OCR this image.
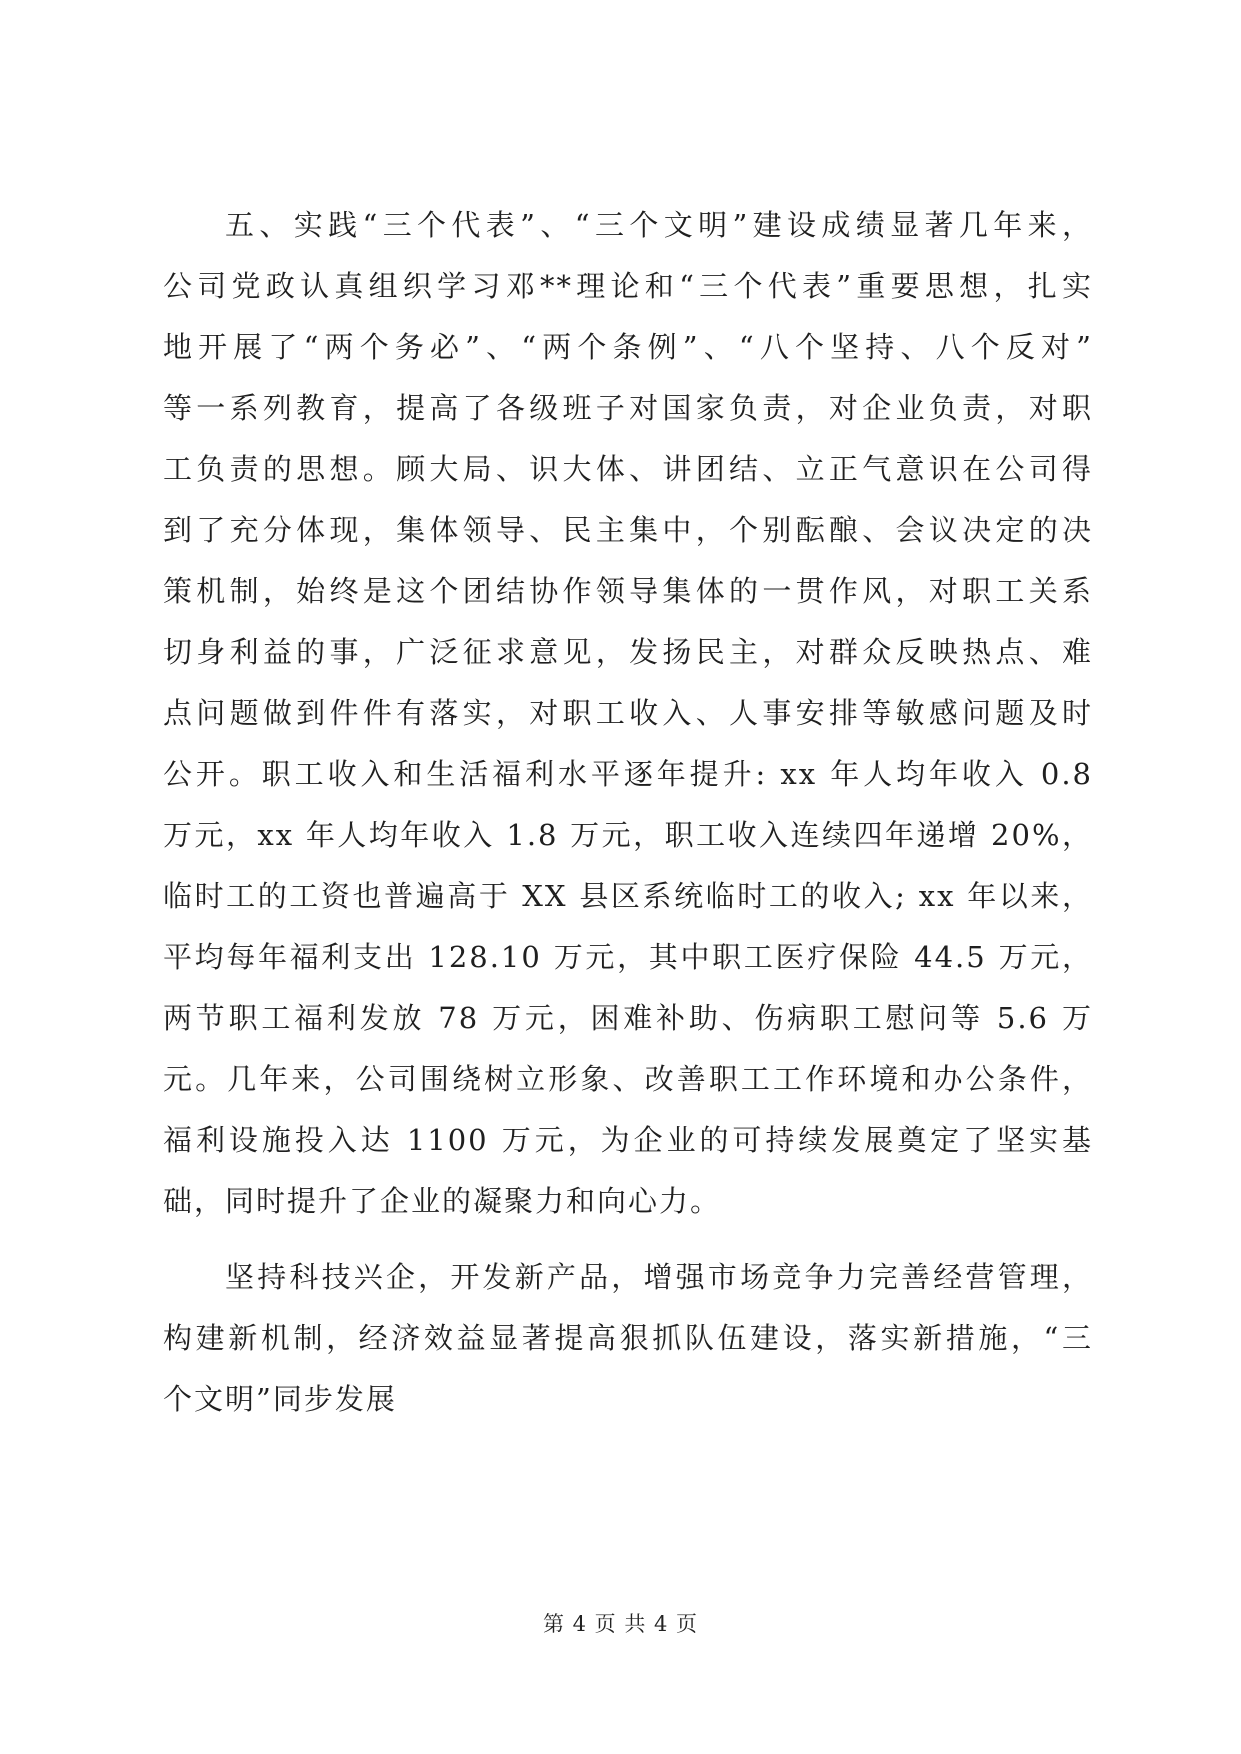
五、实践“三个代表”、“三个文明”建设成绩显著几年来，
公司党政认真组织学习邓**理论和“三个代表”重要思想，扎实
地开展了“两个务必”、“两个条例”、“八个坚持、八个反对”
等一系列教育，提高了各级班子对国家负责，对企业负责，对职
工负责的思想。顾大局、识大体、讲团结、立正气意识在公司得
到了充分体现，集体领导、民主集中，个别酝酿、会议决定的决
策机制，始终是这个团结协作领导集体的一贯作风，对职工关系
切身利益的事，广泛征求意见，发扬民主，对群众反映热点、难
点问题做到件件有落实，对职工收入、人事安排等敏感问题及时
公开。职工收入和生活福利水平逐年提升: xx 年人均年收入 0.8
万元，xx 年人均年收入 1.8 万元，职工收入连续四年递增 20%，
临时工的工资也普遍高于 XX 县区系统临时工的收入; xx 年以来，
平均每年福利支出 128.10 万元，其中职工医疗保险 44.5 万元，
两节职工福利发放 78 万元，困难补助、伤病职工慰问等 5.6 万
元。几年来，公司围绕树立形象、改善职工工作环境和办公条件，
福利设施投入达 1100 万元，为企业的可持续发展奠定了坚实基
础，同时提升了企业的凝聚力和向心力。

坚持科技兴企，开发新产品，增强市场竞争力完善经营管理，
构建新机制，经济效益显著提高狠抓队伍建设，落实新措施，“三
个文明”同步发展

第 4 页 共 4 页
